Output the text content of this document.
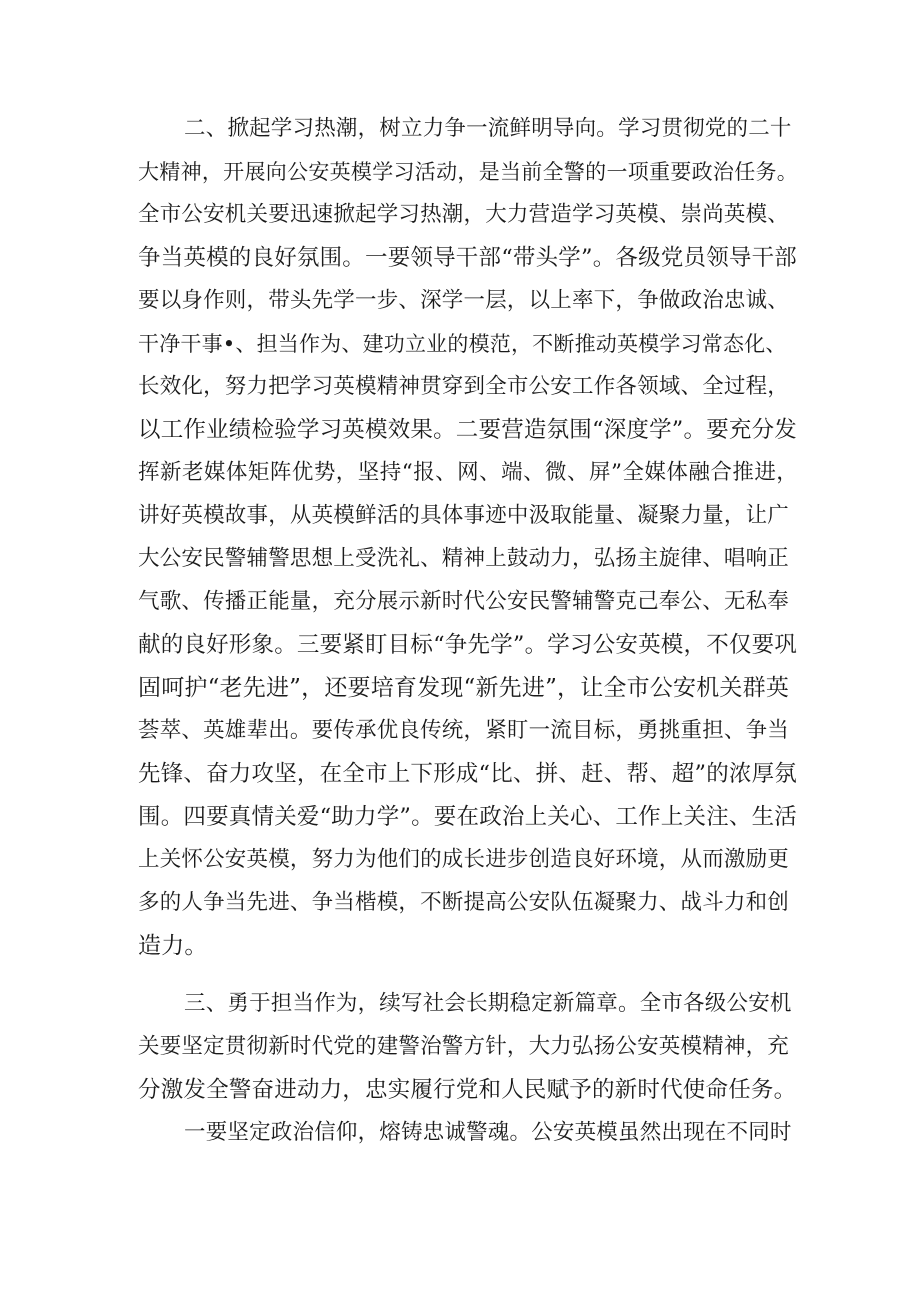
二、掀起学习热潮，树立力争一流鲜明导向。学习贯彻党的二十
大精神，开展向公安英模学习活动，是当前全警的一项重要政治任务。
全市公安机关要迅速掀起学习热潮，大力营造学习英模、崇尚英模、
争当英模的良好氛围。一要领导干部“带头学”。各级党员领导干部
要以身作则，带头先学一步、深学一层，以上率下，争做政治忠诚、
干净干事•、担当作为、建功立业的模范，不断推动英模学习常态化、
长效化，努力把学习英模精神贯穿到全市公安工作各领域、全过程，
以工作业绩检验学习英模效果。二要营造氛围“深度学”。要充分发
挥新老媒体矩阵优势，坚持“报、网、端、微、屏”全媒体融合推进，
讲好英模故事，从英模鲜活的具体事迹中汲取能量、凝聚力量，让广
大公安民警辅警思想上受洗礼、精神上鼓动力，弘扬主旋律、唱响正
气歌、传播正能量，充分展示新时代公安民警辅警克己奉公、无私奉
献的良好形象。三要紧盯目标“争先学”。学习公安英模，不仅要巩
固呵护“老先进”，还要培育发现“新先进”，让全市公安机关群英
荟萃、英雄辈出。要传承优良传统，紧盯一流目标，勇挑重担、争当
先锋、奋力攻坚，在全市上下形成“比、拼、赶、帮、超”的浓厚氛
围。四要真情关爱“助力学”。要在政治上关心、工作上关注、生活
上关怀公安英模，努力为他们的成长进步创造良好环境，从而激励更
多的人争当先进、争当楷模，不断提高公安队伍凝聚力、战斗力和创
造力。
三、勇于担当作为，续写社会长期稳定新篇章。全市各级公安机
关要坚定贯彻新时代党的建警治警方针，大力弘扬公安英模精神，充
分激发全警奋进动力，忠实履行党和人民赋予的新时代使命任务。
一要坚定政治信仰，熔铸忠诚警魂。公安英模虽然出现在不同时
